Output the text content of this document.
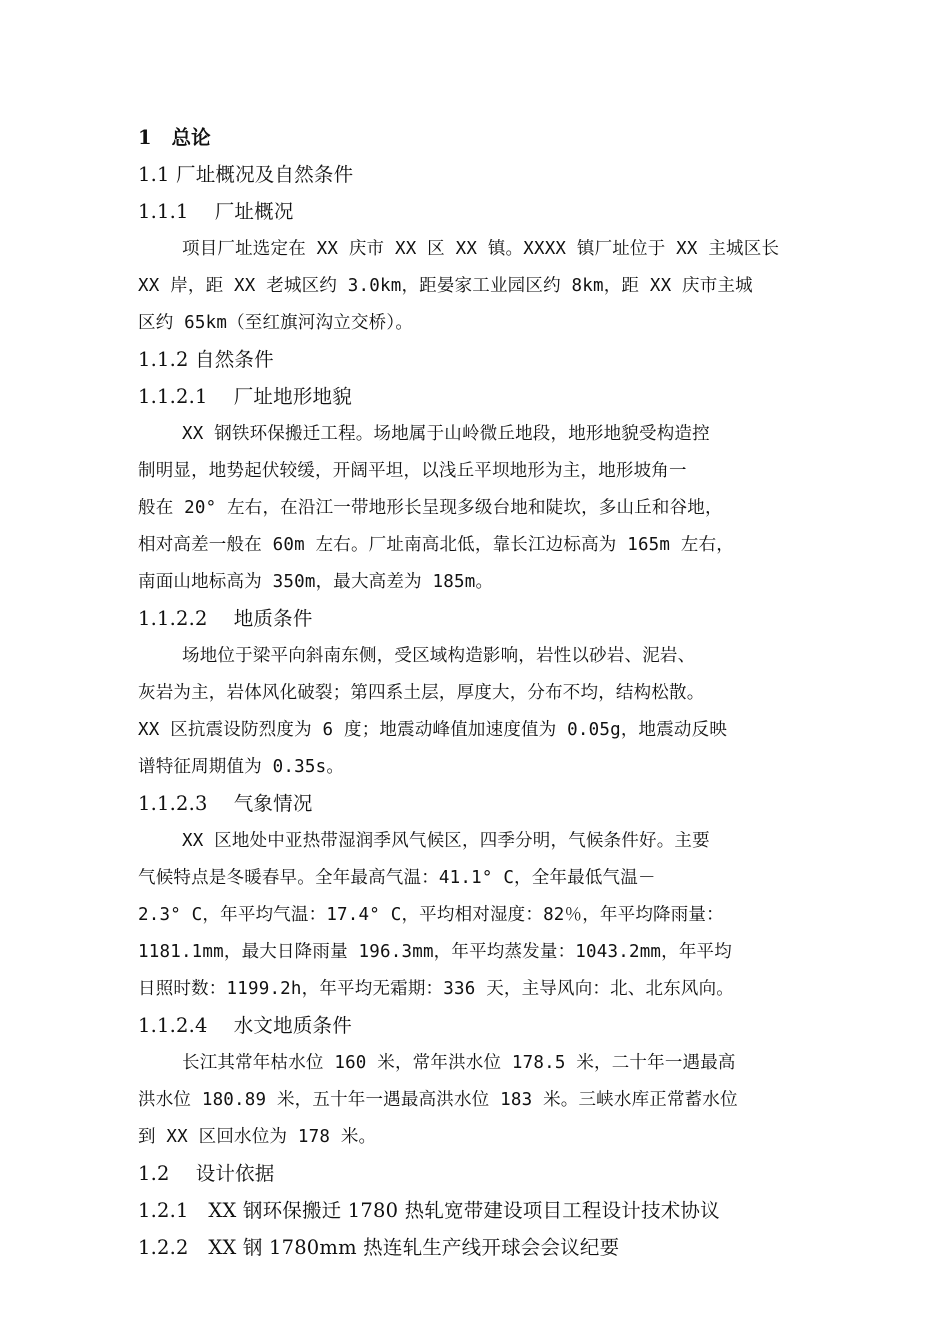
1　总论
1.1 厂址概况及自然条件
1.1.1　 厂址概况
项目厂址选定在 XX 庆市 XX 区 XX 镇。XXXX 镇厂址位于 XX 主城区长
XX 岸，距 XX 老城区约 3.0km，距晏家工业园区约 8km，距 XX 庆市主城
区约 65km（至红旗河沟立交桥）。
1.1.2 自然条件
1.1.2.1　 厂址地形地貌
XX 钢铁环保搬迁工程。场地属于山岭微丘地段，地形地貌受构造控
制明显，地势起伏较缓，开阔平坦，以浅丘平坝地形为主，地形坡角一
般在 20° 左右，在沿江一带地形长呈现多级台地和陡坎，多山丘和谷地，
相对高差一般在 60m 左右。厂址南高北低，靠长江边标高为 165m 左右，
南面山地标高为 350m，最大高差为 185m。
1.1.2.2　 地质条件
场地位于梁平向斜南东侧，受区域构造影响，岩性以砂岩、泥岩、
灰岩为主，岩体风化破裂；第四系土层，厚度大，分布不均，结构松散。
XX 区抗震设防烈度为 6 度；地震动峰值加速度值为 0.05g，地震动反映
谱特征周期值为 0.35s。
1.1.2.3　 气象情况
XX 区地处中亚热带湿润季风气候区，四季分明，气候条件好。主要
气候特点是冬暖春早。全年最高气温：41.1° C，全年最低气温－
2.3° C，年平均气温：17.4° C，平均相对湿度：82％，年平均降雨量：
1181.1mm，最大日降雨量 196.3mm，年平均蒸发量：1043.2mm，年平均
日照时数：1199.2h，年平均无霜期：336 天，主导风向：北、北东风向。
1.1.2.4　 水文地质条件
长江其常年枯水位 160 米，常年洪水位 178.5 米，二十年一遇最高
洪水位 180.89 米，五十年一遇最高洪水位 183 米。三峡水库正常蓄水位
到 XX 区回水位为 178 米。
1.2　 设计依据
1.2.1　XX 钢环保搬迁 1780 热轧宽带建设项目工程设计技术协议
1.2.2　XX 钢 1780mm 热连轧生产线开球会会议纪要
